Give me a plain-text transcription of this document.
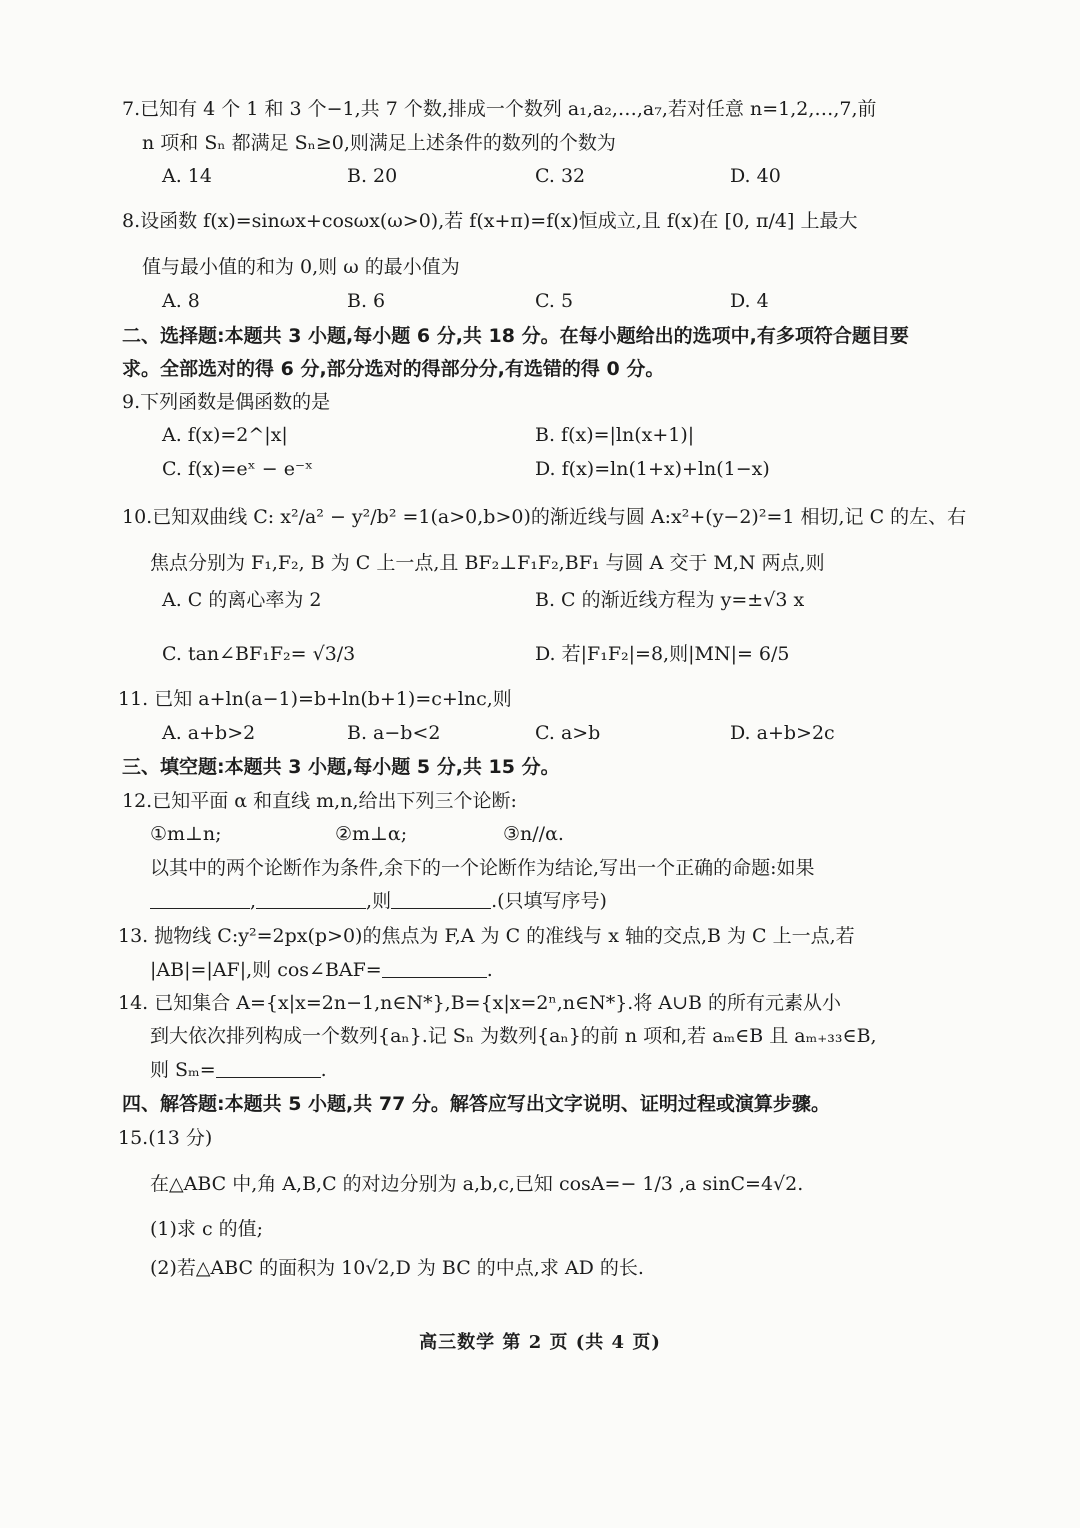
7.已知有 4 个 1 和 3 个−1,共 7 个数,排成一个数列 a₁,a₂,…,a₇,若对任意 n=1,2,…,7,前
n 项和 Sₙ 都满足 Sₙ≥0,则满足上述条件的数列的个数为
A. 14	B. 20	C. 32	D. 40
8.设函数 f(x)=sinωx+cosωx(ω>0),若 f(x+π)=f(x)恒成立,且 f(x)在 [0, π/4] 上最大
值与最小值的和为 0,则 ω 的最小值为
A. 8	B. 6	C. 5	D. 4
二、选择题:本题共 3 小题,每小题 6 分,共 18 分。在每小题给出的选项中,有多项符合题目要
求。全部选对的得 6 分,部分选对的得部分分,有选错的得 0 分。
9.下列函数是偶函数的是
A. f(x)=2^|x|	B. f(x)=|ln(x+1)|
C. f(x)=eˣ − e⁻ˣ	D. f(x)=ln(1+x)+ln(1−x)
10.已知双曲线 C: x²/a² − y²/b² =1(a>0,b>0)的渐近线与圆 A:x²+(y−2)²=1 相切,记 C 的左、右
焦点分别为 F₁,F₂, B 为 C 上一点,且 BF₂⊥F₁F₂,BF₁ 与圆 A 交于 M,N 两点,则
A. C 的离心率为 2	B. C 的渐近线方程为 y=±√3 x
C. tan∠BF₁F₂= √3/3	D. 若|F₁F₂|=8,则|MN|= 6/5
11. 已知 a+ln(a−1)=b+ln(b+1)=c+lnc,则
A. a+b>2	B. a−b<2	C. a>b	D. a+b>2c
三、填空题:本题共 3 小题,每小题 5 分,共 15 分。
12.已知平面 α 和直线 m,n,给出下列三个论断:
①m⊥n;	②m⊥α;	③n//α.
以其中的两个论断作为条件,余下的一个论断作为结论,写出一个正确的命题:如果
,	,则	.(只填写序号)
13. 抛物线 C:y²=2px(p>0)的焦点为 F,A 为 C 的准线与 x 轴的交点,B 为 C 上一点,若
|AB|=|AF|,则 cos∠BAF=	.
14. 已知集合 A={x|x=2n−1,n∈N*},B={x|x=2ⁿ,n∈N*}.将 A∪B 的所有元素从小
到大依次排列构成一个数列{aₙ}.记 Sₙ 为数列{aₙ}的前 n 项和,若 aₘ∈B 且 aₘ₊₃₃∈B,
则 Sₘ=	.
四、解答题:本题共 5 小题,共 77 分。解答应写出文字说明、证明过程或演算步骤。
15.(13 分)
在△ABC 中,角 A,B,C 的对边分别为 a,b,c,已知 cosA=− 1/3 ,a sinC=4√2.
(1)求 c 的值;
(2)若△ABC 的面积为 10√2,D 为 BC 的中点,求 AD 的长.
高三数学 第 2 页 (共 4 页)
